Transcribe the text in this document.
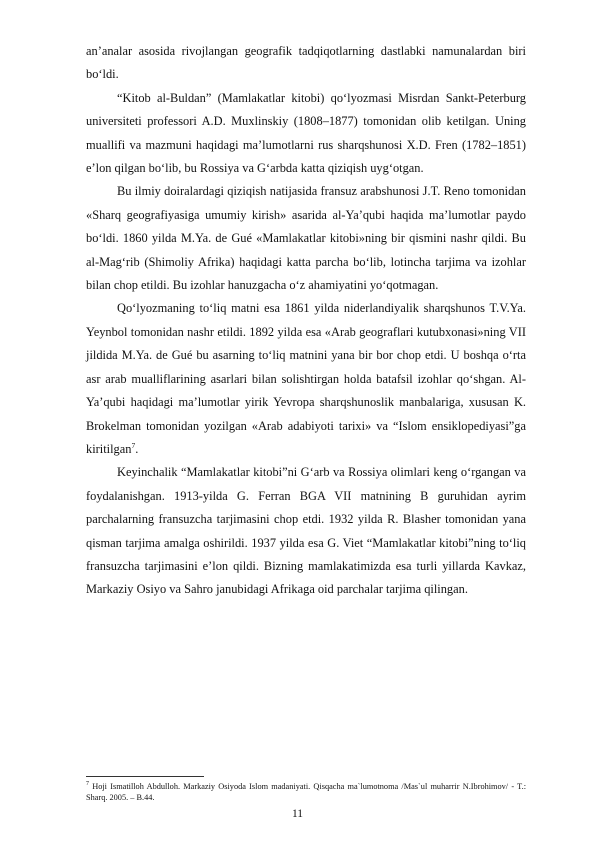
an’analar asosida rivojlangan geografik tadqiqotlarning dastlabki namunalardan biri bo‘ldi.

“Kitob al-Buldan” (Mamlakatlar kitobi) qo‘lyozmasi Misrdan Sankt-Peterburg universiteti professori A.D. Muxlinskiy (1808–1877) tomonidan olib ketilgan. Uning muallifi va mazmuni haqidagi ma’lumotlarni rus sharqshunosi X.D. Fren (1782–1851) e’lon qilgan bo‘lib, bu Rossiya va G‘arbda katta qiziqish uyg‘otgan.

Bu ilmiy doiralardagi qiziqish natijasida fransuz arabshunosi J.T. Reno tomonidan «Sharq geografiyasiga umumiy kirish» asarida al-Ya’qubi haqida ma’lumotlar paydo bo‘ldi. 1860 yilda M.Ya. de Gué «Mamlakatlar kitobi»ning bir qismini nashr qildi. Bu al-Mag‘rib (Shimoliy Afrika) haqidagi katta parcha bo‘lib, lotincha tarjima va izohlar bilan chop etildi. Bu izohlar hanuzgacha o‘z ahamiyatini yo‘qotmagan.

Qo‘lyozmaning to‘liq matni esa 1861 yilda niderlandiyalik sharqshunos T.V.Ya. Yeynbol tomonidan nashr etildi. 1892 yilda esa «Arab geograflari kutubxonasi»ning VII jildida M.Ya. de Gué bu asarning to‘liq matnini yana bir bor chop etdi. U boshqa o‘rta asr arab mualliflarining asarlari bilan solishtirgan holda batafsil izohlar qo‘shgan. Al-Ya’qubi haqidagi ma’lumotlar yirik Yevropa sharqshunoslik manbalariga, xususan K. Brokelman tomonidan yozilgan «Arab adabiyoti tarixi» va “Islom ensiklopediyasi”ga kiritilgan$^7$.

Keyinchalik “Mamlakatlar kitobi”ni G‘arb va Rossiya olimlari keng o‘rgangan va foydalanishgan. 1913-yilda G. Ferran BGA VII matnining B guruhidan ayrim parchalarning fransuzcha tarjimasini chop etdi. 1932 yilda R. Blasher tomonidan yana qisman tarjima amalga oshirildi. 1937 yilda esa G. Viet “Mamlakatlar kitobi”ning to‘liq fransuzcha tarjimasini e’lon qildi. Bizning mamlakatimizda esa turli yillarda Kavkaz, Markaziy Osiyo va Sahro janubidagi Afrikaga oid parchalar tarjima qilingan.

$^7$ Hoji Ismatilloh Abdulloh. Markaziy Osiyoda Islom madaniyati. Qisqacha ma`lumotnoma /Mas`ul muharrir N.Ibrohimov/ - T.: Sharq. 2005. – B.44.
11
